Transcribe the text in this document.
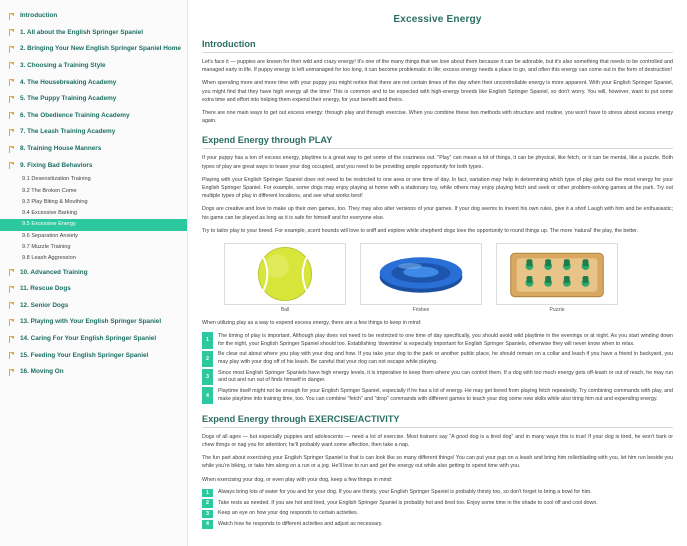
Introduction
1. All about the English Springer Spaniel
2. Bringing Your New English Springer Spaniel Home
3. Choosing a Training Style
4. The Housebreaking Academy
5. The Puppy Training Academy
6. The Obedience Training Academy
7. The Leash Training Academy
8. Training House Manners
9. Fixing Bad Behaviors
9.1 Desensitization Training
9.2 The Broken Come
9.3 Play Biting & Mouthing
9.4 Excessive Barking
9.5 Excessive Energy
9.6 Separation Anxiety
9.7 Muzzle Training
9.8 Leash Aggression
10. Advanced Training
11. Rescue Dogs
12. Senior Dogs
13. Playing with Your English Springer Spaniel
14. Caring For Your English Springer Spaniel
15. Feeding Your English Springer Spaniel
16. Moving On
Excessive Energy
Introduction

Let's face it — puppies are known for their wild and crazy energy! It's one of the many things that we love about them because it can be adorable, but it's also something that needs to be controlled and managed early in life. If puppy energy is left unmanaged for too long, it can become problematic in life; excess energy needs a place to go, and often this energy can come out in the form of destruction!

When spending more and more time with your puppy you might notice that there are not certain times of the day when their uncontrollable energy is more apparent. With your English Springer Spaniel, you might find that they have high energy all the time! This is common and to be expected with high-energy breeds like English Springer Spaniel, so don't worry. You will, however, want to put some extra time and effort into helping them expend their energy, for your benefit and theirs.

There are one main ways to get out excess energy: through play and through exercise. When you combine these two methods with structure and routine, you won't have to stress about excess energy again.

Expend Energy through PLAY

If your puppy has a ton of excess energy, playtime is a great way to get some of the craziness out. "Play" can mean a lot of things, it can be physical, like fetch, or it can be mental, like a puzzle. Both types of play are great ways to tease your dog occupied, and you need to be providing ample opportunity for both types.

Playing with your English Springer Spaniel does not need to be restricted to one area or one time of day. In fact, variation may help in determining which type of play gets out the most energy for your English Springer Spaniel. For example, some dogs may enjoy playing at home with a stationary toy, while others may enjoy playing fetch and seek or other problem-solving games at the park. Try out multiple types of play in different locations, and see what works best!

Dogs are creative and love to make up their own games, too. They may also alter versions of your games. If your dog seems to invent his own rules, give it a shot! Laugh with him and be enthusiastic; his game can be played as long as it is safe for himself and for everyone else.

Try to tailor play to your breed. For example, scent hounds will love to sniff and explore while shepherd dogs love the opportunity to round things up. The more 'natural' the play, the better.

Ball	Frisbee	Puzzle

When utilizing play as a way to expend excess energy, there are a few things to keep in mind:

1
The timing of play is important. Although play does not need to be restricted to one time of day specifically, you should avoid wild playtime in the evenings or at night. As you start winding down for the night, your English Springer Spaniel should too. Establishing 'downtime' is especially important for English Springer Spaniels, otherwise they will never know when to relax.
2
Be clear out about where you play with your dog and how. If you take your dog to the park or another public place, he should remain on a collar and leash if you have a friend in backyard, you may play with your dog off of his leash. Be careful that your dog can not escape while playing.
3
Since most English Springer Spaniels have high energy levels, it is imperative to keep them where you can control them. If a dog with too much energy gets off-leash or out of reach, he may run and out and run out of finds himself in danger.
4
Playtime itself might not be enough for your English Springer Spaniel, especially if he has a lot of energy. He may get bored from playing fetch repeatedly. Try combining commands with play, and make playtime into training time, too. You can combine "fetch" and "drop" commands with different games to teach your dog some new skills while also tiring him out and expending energy.
Expend Energy through EXERCISE/ACTIVITY

Dogs of all ages — but especially puppies and adolescents — need a lot of exercise. Most trainers say "A good dog is a tired dog" and in many ways this is true! If your dog is tired, he won't bark or chew things or nag you for attention; he'll probably want some affection, then take a nap.

The fun part about exercising your English Springer Spaniel is that is can look like so many different things! You can put your pup on a leash and bring him rollerblading with you, let him run beside you while you're biking, or take him along on a run or a jog. He'll love to run and get the energy out while also getting to spend time with you.

When exercising your dog, or even play with your dog, keep a few things in mind:

1	Always bring lots of water for you and for your dog. If you are thirsty, your English Springer Spaniel is probably thirsty too, so don't forget to bring a bowl for him.
2	Take rests as needed. If you are hot and tired, your English Springer Spaniel is probably hot and tired too. Enjoy some time in the shade to cool off and cool down.
3	Keep an eye on how your dog responds to certain activities.
4	Watch how he responds to different activities and adjust as necessary.
